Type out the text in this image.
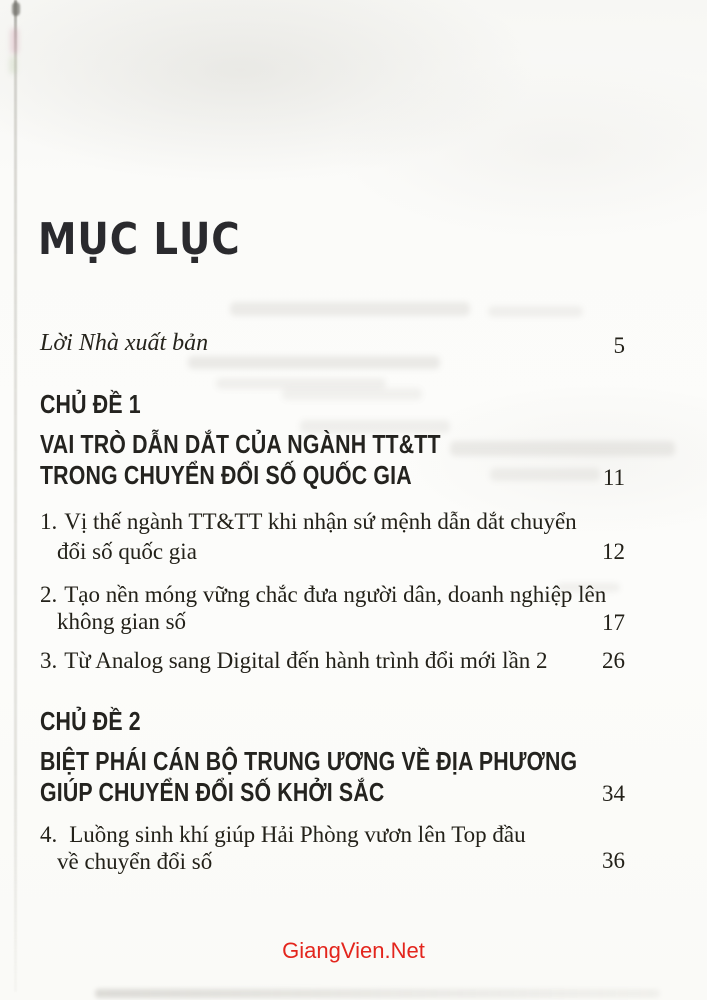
MỤC LỤC
Lời Nhà xuất bản	5
CHỦ ĐỀ 1
VAI TRÒ DẪN DẮT CỦA NGÀNH TT&TT
TRONG CHUYỂN ĐỔI SỐ QUỐC GIA	11
1. Vị thế ngành TT&TT khi nhận sứ mệnh dẫn dắt chuyển
đổi số quốc gia	12
2. Tạo nền móng vững chắc đưa người dân, doanh nghiệp lên
không gian số	17
3. Từ Analog sang Digital đến hành trình đổi mới lần 2 26
CHỦ ĐỀ 2
BIỆT PHÁI CÁN BỘ TRUNG ƯƠNG VỀ ĐỊA PHƯƠNG
GIÚP CHUYỂN ĐỔI SỐ KHỞI SẮC	34
4. Luồng sinh khí giúp Hải Phòng vươn lên Top đầu
về chuyển đổi số	36
GiangVien.Net
